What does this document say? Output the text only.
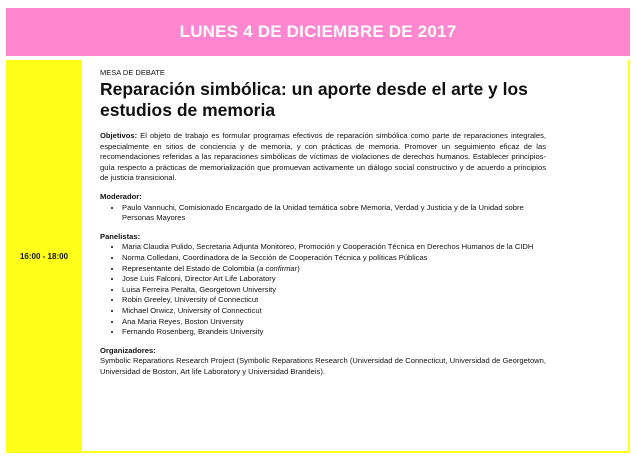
LUNES 4 DE DICIEMBRE DE 2017
16:00 - 18:00
MESA DE DEBATE
Reparación simbólica: un aporte desde el arte y los estudios de memoria

Objetivos: El objeto de trabajo es formular programas efectivos de reparación simbólica como parte de reparaciones integrales, especialmente en sitios de conciencia y de memoria, y con prácticas de memoria. Promover un seguimiento eficaz de las recomendaciones referidas a las reparaciones simbólicas de víctimas de violaciones de derechos humanos. Establecer principios-guía respecto a prácticas de memorialización que promuevan activamente un diálogo social constructivo y de acuerdo a principios de justicia transicional.

Moderador:
• Paulo Vannuchi, Comisionado Encargado de la Unidad temática sobre Memoria, Verdad y Justicia y de la Unidad sobre Personas Mayores
Panelistas:
• Maria Claudia Pulido, Secretaria Adjunta Monitoreo, Promoción y Cooperación Técnica en Derechos Humanos de la CIDH
• Norma Colledani, Coordinadora de la Sección de Cooperación Técnica y políticas Públicas
• Representante del Estado de Colombia (a confirmar)
• Jose Luis Falconi, Director Art Life Laboratory
• Luisa Ferreira Peralta, Georgetown University
• Robin Greeley, University of Connecticut
• Michael Orwicz, University of Connecticut
• Ana Maria Reyes, Boston University
• Fernando Rosenberg, Brandeis University
Organizadores:

Symbolic Reparations Research Project (Symbolic Reparations Research (Universidad de Connecticut, Universidad de Georgetown, Universidad de Boston, Art life Laboratory y Universidad Brandeis).
